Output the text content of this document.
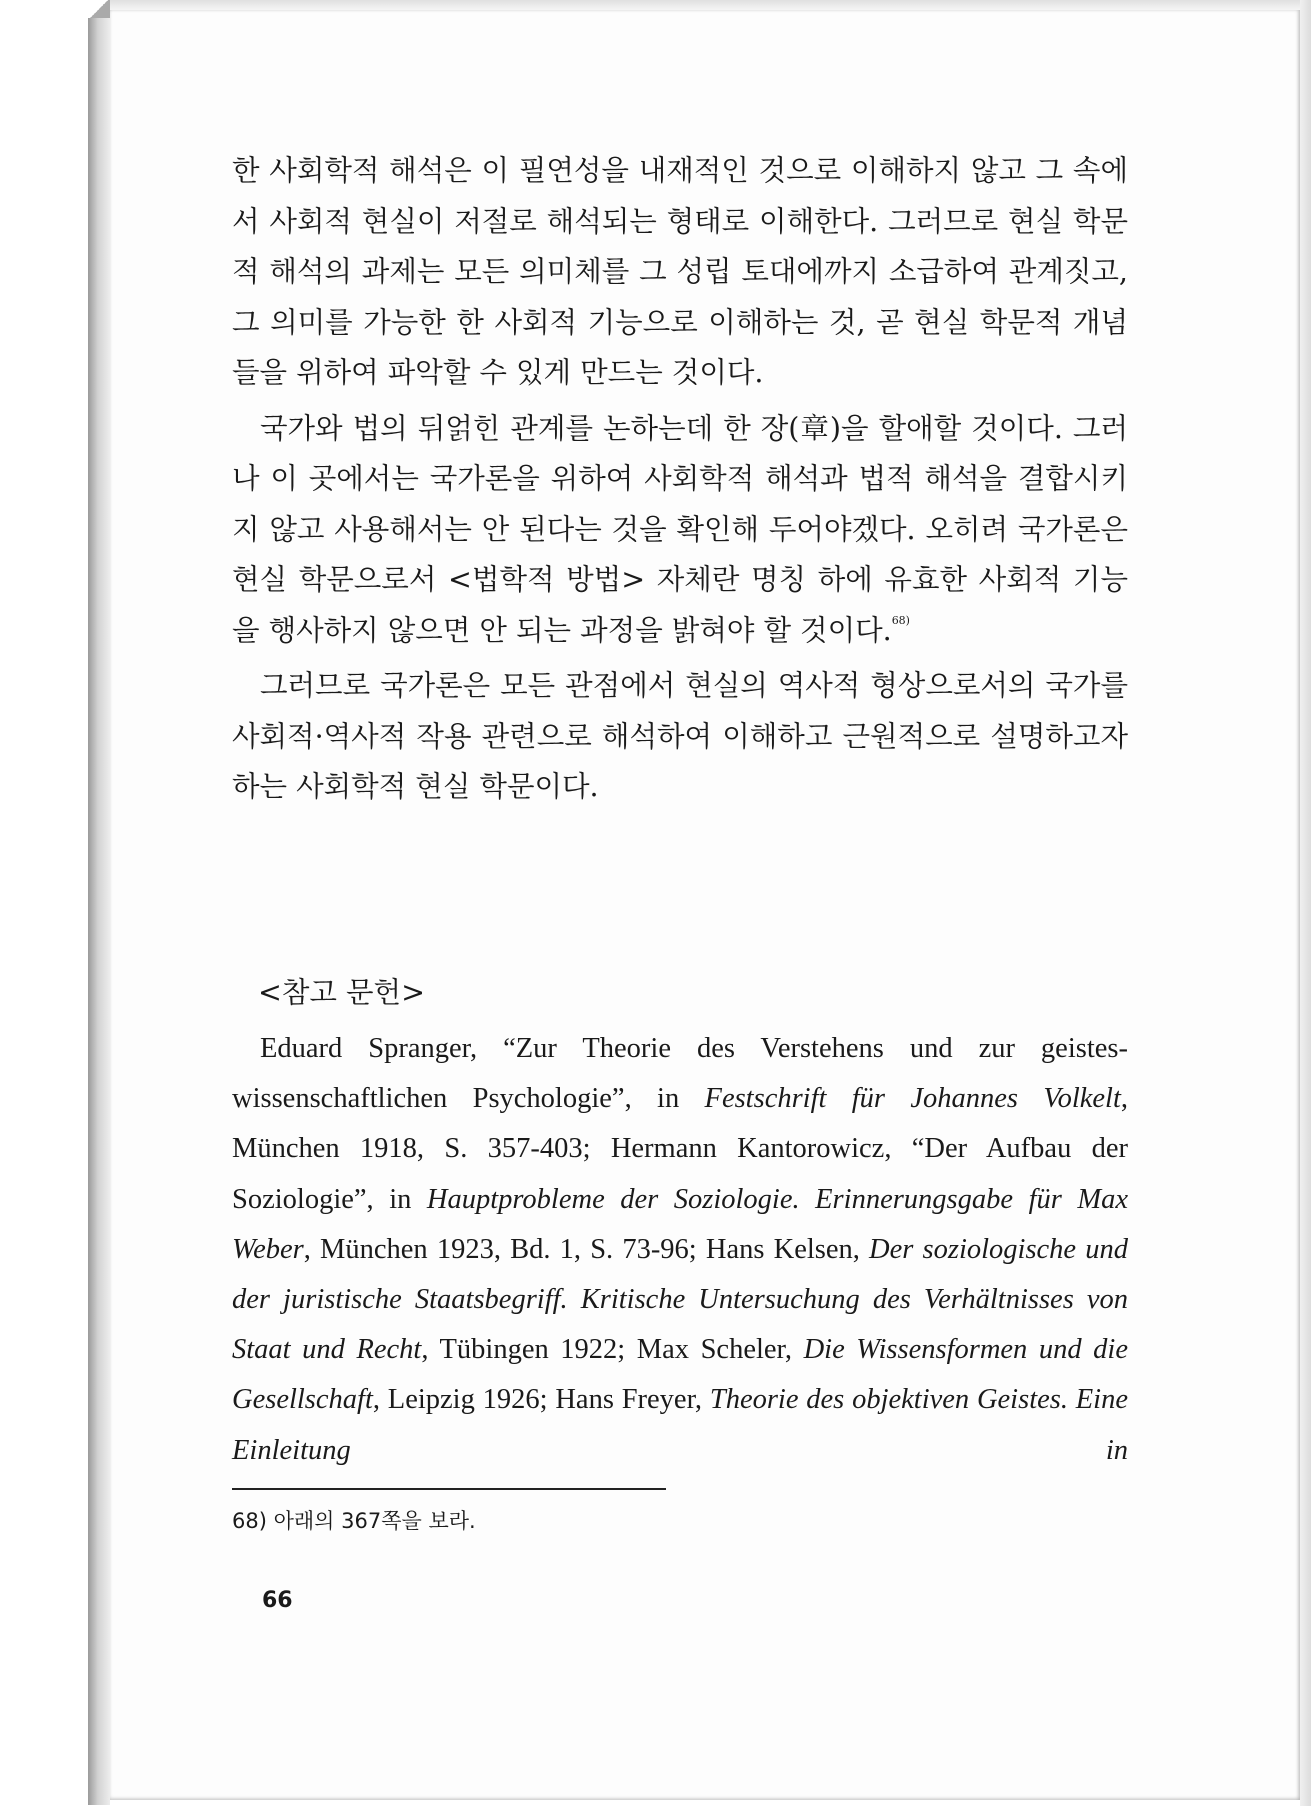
한 사회학적 해석은 이 필연성을 내재적인 것으로 이해하지 않고 그 속에서 사회적 현실이 저절로 해석되는 형태로 이해한다. 그러므로 현실 학문적 해석의 과제는 모든 의미체를 그 성립 토대에까지 소급하여 관계짓고, 그 의미를 가능한 한 사회적 기능으로 이해하는 것, 곧 현실 학문적 개념들을 위하여 파악할 수 있게 만드는 것이다.

국가와 법의 뒤얽힌 관계를 논하는데 한 장(章)을 할애할 것이다. 그러나 이 곳에서는 국가론을 위하여 사회학적 해석과 법적 해석을 결합시키지 않고 사용해서는 안 된다는 것을 확인해 두어야겠다. 오히려 국가론은 현실 학문으로서 <법학적 방법> 자체란 명칭 하에 유효한 사회적 기능을 행사하지 않으면 안 되는 과정을 밝혀야 할 것이다.$^{68)}$

그러므로 국가론은 모든 관점에서 현실의 역사적 형상으로서의 국가를 사회적·역사적 작용 관련으로 해석하여 이해하고 근원적으로 설명하고자 하는 사회학적 현실 학문이다.

<참고 문헌>
Eduard Spranger, “Zur Theorie des Verstehens und zur geistes-wissenschaftlichen Psychologie”, in Festschrift für Johannes Volkelt, München 1918, S. 357-403; Hermann Kantorowicz, “Der Aufbau der Soziologie”, in Hauptprobleme der Soziologie. Erinnerungsgabe für Max Weber, München 1923, Bd. 1, S. 73-96; Hans Kelsen, Der soziologische und der juristische Staatsbegriff. Kritische Untersuchung des Verhältnisses von Staat und Recht, Tübingen 1922; Max Scheler, Die Wissensformen und die Gesellschaft, Leipzig 1926; Hans Freyer, Theorie des objektiven Geistes. Eine Einleitung in
68) 아래의 367쪽을 보라.
66
